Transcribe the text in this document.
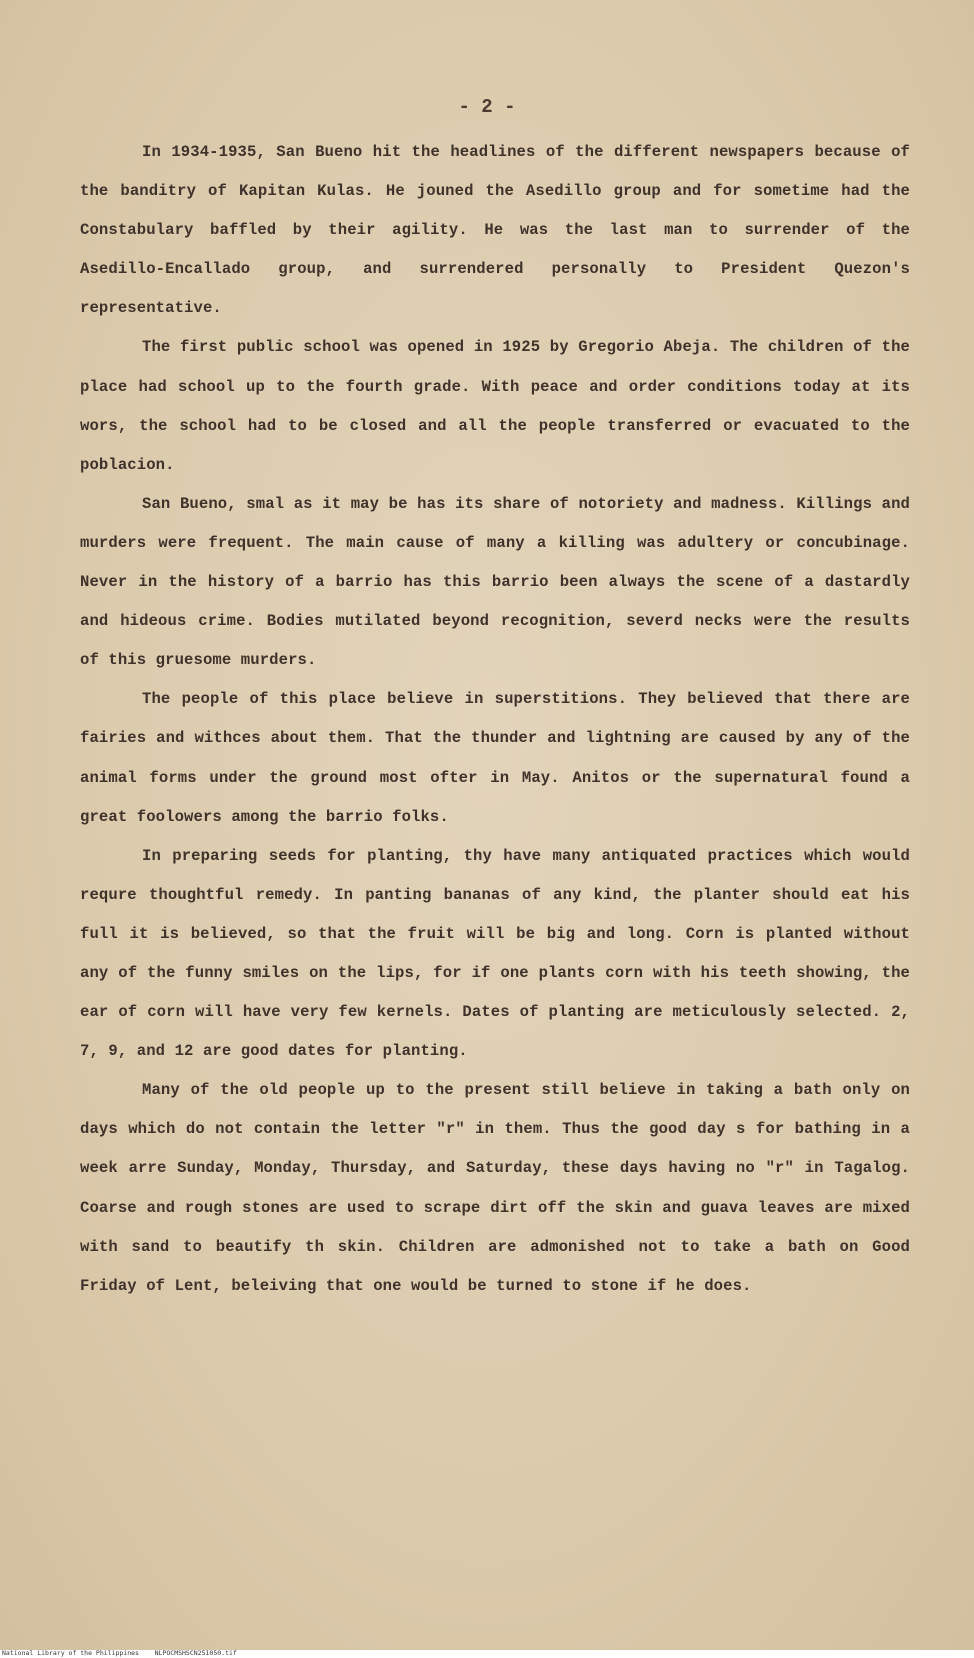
- 2 -

In 1934-1935, San Bueno hit the headlines of the different newspapers because of the banditry of Kapitan Kulas. He jouned the Asedillo group and for sometime had the Constabulary baffled by their agility. He was the last man to surrender of the Asedillo-Encallado group, and surrendered personally to President Quezon's representative.

The first public school was opened in 1925 by Gregorio Abeja. The children of the place had school up to the fourth grade. With peace and order conditions today at its wors, the school had to be closed and all the people transferred or evacuated to the poblacion.

San Bueno, smal as it may be has its share of notoriety and madness. Killings and murders were frequent. The main cause of many a killing was adultery or concubinage. Never in the history of a barrio has this barrio been always the scene of a dastardly and hideous crime. Bodies mutilated beyond recognition, severd necks were the results of this gruesome murders.

The people of this place believe in superstitions. They believed that there are fairies and withces about them. That the thunder and lightning are caused by any of the animal forms under the ground most ofter in May. Anitos or the supernatural found a great foolowers among the barrio folks.

In preparing seeds for planting, thy have many antiquated practices which would requre thoughtful remedy. In panting bananas of any kind, the planter should eat his full it is believed, so that the fruit will be big and long. Corn is planted without any of the funny smiles on the lips, for if one plants corn with his teeth showing, the ear of corn will have very few kernels. Dates of planting are meticulously selected. 2, 7, 9, and 12 are good dates for planting.

Many of the old people up to the present still believe in taking a bath only on days which do not contain the letter "r" in them. Thus the good day s for bathing in a week arre Sunday, Monday, Thursday, and Saturday, these days having no "r" in Tagalog. Coarse and rough stones are used to scrape dirt off the skin and guava leaves are mixed with sand to beautify th skin. Children are admonished not to take a bath on Good Friday of Lent, beleiving that one would be turned to stone if he does.

National Library of the Philippines NLPOCMSHSCN251050.tif
